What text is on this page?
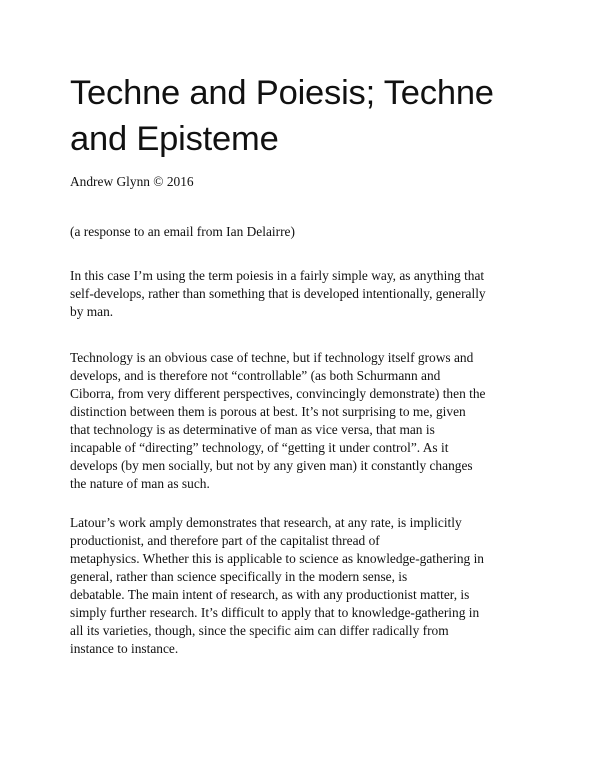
Techne and Poiesis; Techne
and Episteme

Andrew Glynn © 2016

(a response to an email from Ian Delairre)

In this case I’m using the term poiesis in a fairly simple way, as anything that
self-develops, rather than something that is developed intentionally, generally
by man.

Technology is an obvious case of techne, but if technology itself grows and
develops, and is therefore not “controllable” (as both Schurmann and
Ciborra, from very different perspectives, convincingly demonstrate) then the
distinction between them is porous at best. It’s not surprising to me, given
that technology is as determinative of man as vice versa, that man is
incapable of “directing” technology, of “getting it under control”. As it
develops (by men socially, but not by any given man) it constantly changes
the nature of man as such.

Latour’s work amply demonstrates that research, at any rate, is implicitly
productionist, and therefore part of the capitalist thread of
metaphysics. Whether this is applicable to science as knowledge-gathering in
general, rather than science specifically in the modern sense, is
debatable. The main intent of research, as with any productionist matter, is
simply further research. It’s difficult to apply that to knowledge-gathering in
all its varieties, though, since the specific aim can differ radically from
instance to instance.
